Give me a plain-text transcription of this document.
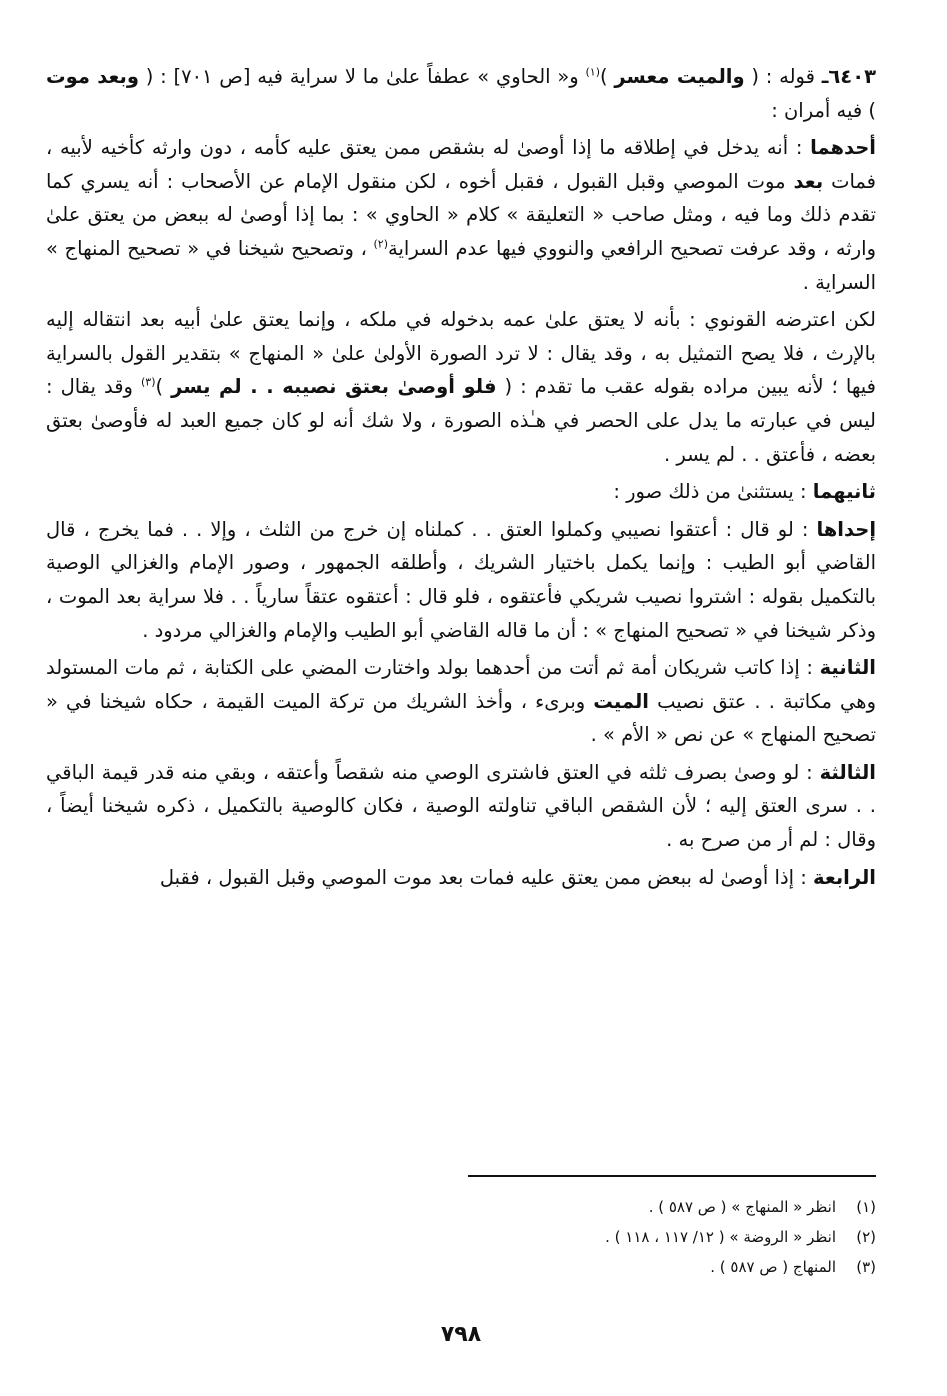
٦٤٠٣ـ قوله : ( والميت معسر )$^{(١)}$ و« الحاوي » عطفاً علىٰ ما لا سراية فيه [ص ٧٠١] : ( وبعد موت ) فيه أمران :

أحدهما : أنه يدخل في إطلاقه ما إذا أوصىٰ له بشقص ممن يعتق عليه كأمه ، دون وارثه كأخيه لأبيه ، فمات بعد موت الموصي وقبل القبول ، فقبل أخوه ، لكن منقول الإمام عن الأصحاب : أنه يسري كما تقدم ذلك وما فيه ، ومثل صاحب « التعليقة » كلام « الحاوي » : بما إذا أوصىٰ له ببعض من يعتق علىٰ وارثه ، وقد عرفت تصحيح الرافعي والنووي فيها عدم السراية$^{(٢)}$ ، وتصحيح شيخنا في « تصحيح المنهاج » السراية .

لكن اعترضه القونوي : بأنه لا يعتق علىٰ عمه بدخوله في ملكه ، وإنما يعتق علىٰ أبيه بعد انتقاله إليه بالإرث ، فلا يصح التمثيل به ، وقد يقال : لا ترد الصورة الأولىٰ علىٰ « المنهاج » بتقدير القول بالسراية فيها ؛ لأنه يبين مراده بقوله عقب ما تقدم : ( فلو أوصىٰ بعتق نصيبه . . لم يسر )$^{(٣)}$ وقد يقال : ليس في عبارته ما يدل على الحصر في هـٰذه الصورة ، ولا شك أنه لو كان جميع العبد له فأوصىٰ بعتق بعضه ، فأعتق . . لم يسر .

ثانيهما : يستثنىٰ من ذلك صور :

إحداها : لو قال : أعتقوا نصيبي وكملوا العتق . . كملناه إن خرج من الثلث ، وإلا . . فما يخرج ، قال القاضي أبو الطيب : وإنما يكمل باختيار الشريك ، وأطلقه الجمهور ، وصور الإمام والغزالي الوصية بالتكميل بقوله : اشتروا نصيب شريكي فأعتقوه ، فلو قال : أعتقوه عتقاً سارياً . . فلا سراية بعد الموت ، وذكر شيخنا في « تصحيح المنهاج » : أن ما قاله القاضي أبو الطيب والإمام والغزالي مردود .

الثانية : إذا كاتب شريكان أمة ثم أتت من أحدهما بولد واختارت المضي على الكتابة ، ثم مات المستولد وهي مكاتبة . . عتق نصيب الميت وبرىء ، وأخذ الشريك من تركة الميت القيمة ، حكاه شيخنا في « تصحيح المنهاج » عن نص « الأم » .

الثالثة : لو وصىٰ بصرف ثلثه في العتق فاشترى الوصي منه شقصاً وأعتقه ، وبقي منه قدر قيمة الباقي . . سرى العتق إليه ؛ لأن الشقص الباقي تناولته الوصية ، فكان كالوصية بالتكميل ، ذكره شيخنا أيضاً ، وقال : لم أر من صرح به .

الرابعة : إذا أوصىٰ له ببعض ممن يعتق عليه فمات بعد موت الموصي وقبل القبول ، فقبل

(١)
انظر « المنهاج » ( ص ٥٨٧ ) .
(٢)
انظر « الروضة » ( ١٢/ ١١٧ ، ١١٨ ) .
(٣)
المنهاج ( ص ٥٨٧ ) .
٧٩٨
